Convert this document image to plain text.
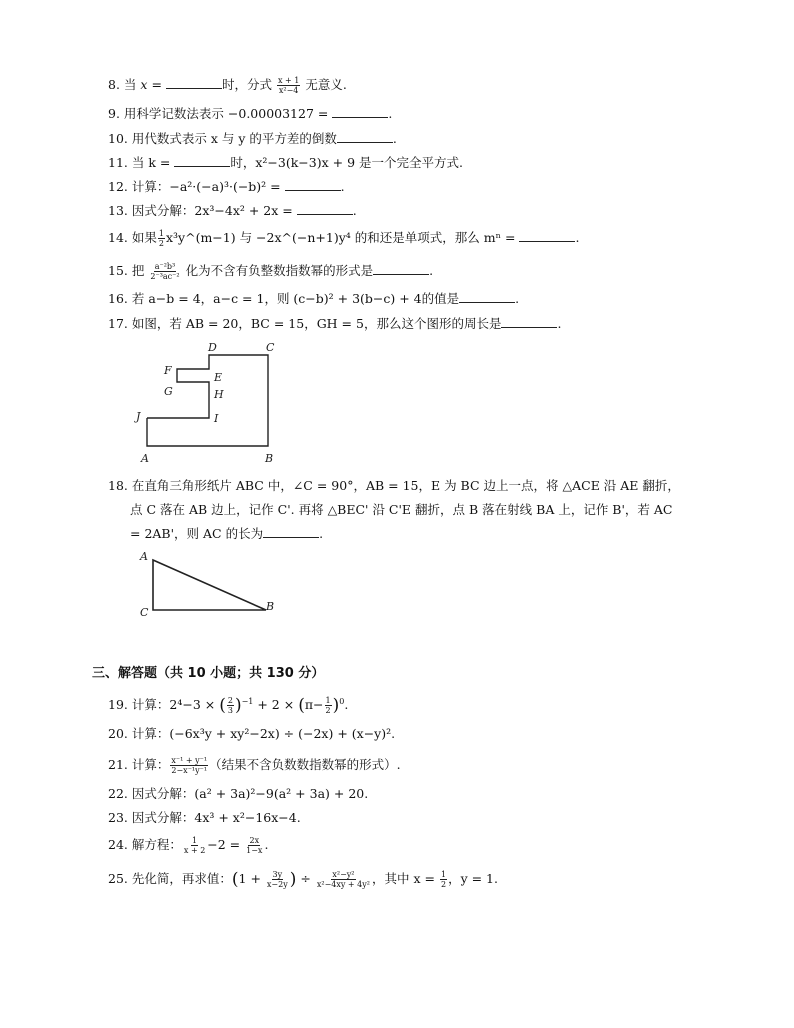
8. 当 x =	时，分式 $\frac{x + 1}{\text{x²−4}}$ 无意义.
9. 用科学记数法表示 −0.00003127 =	.
10. 用代数式表示 x 与 y 的平方差的倒数	.
11. 当 k =	时，x²−3(k−3)x + 9 是一个完全平方式.
12. 计算：−a²·(−a)³·(−b)² =	.
13. 因式分解：2x³−4x² + 2x =	.
14. 如果 $\frac{1}{2}$ x³y^(m−1) 与 −2x^(−n+1)y⁴ 的和还是单项式，那么 mⁿ =	.
15. 把 $\frac{\text{a⁻²b³}}{\text{2⁻³ac⁻²}}$ 化为不含有负整数指数幂的形式是	.
16. 若 a−b = 4，a−c = 1，则 (c−b)² + 3(b−c) + 4的值是	.
17. 如图，若 AB = 20，BC = 15，GH = 5，那么这个图形的周长是	.
D	C
F
E
G	H
I
J
A	B
18. 在直角三角形纸片 ABC 中，∠C = 90°，AB = 15，E 为 BC 边上一点，将 △ACE 沿 AE 翻折，
点 C 落在 AB 边上，记作 C'. 再将 △BEC' 沿 C'E 翻折，点 B 落在射线 BA 上，记作 B'，若 AC
= 2AB'，则 AC 的长为	.
A
C	B
三、解答题（共 10 小题；共 130 分）
19. 计算：2⁴−3 × ( $\frac{2}{3} )^{-1} + 2 \times (\pi- \frac{1}{2} )^0$.
20. 计算：(−6x³y + xy²−2x) ÷ (−2x) + (x−y)².
21. 计算： $\frac{\text{x⁻¹ + y⁻¹}}{\text{2−x⁻¹y⁻¹}}$ （结果不含负数数指数幂的形式）.
22. 因式分解：(a² + 3a)²−9(a² + 3a) + 20.
23. 因式分解：4x³ + x²−16x−4.
24. 解方程： $\frac{1}{x + 2} -2 = \frac{2x}{1-x}$ .
25. 先化简，再求值：($1 + \frac{3y}{x-2y}$ ) ÷ $\frac{\text{x²−y²}}{\text{x²−4xy + 4y²}}$ ，其中 $x = \frac{1}{2}$ ，y = 1.
